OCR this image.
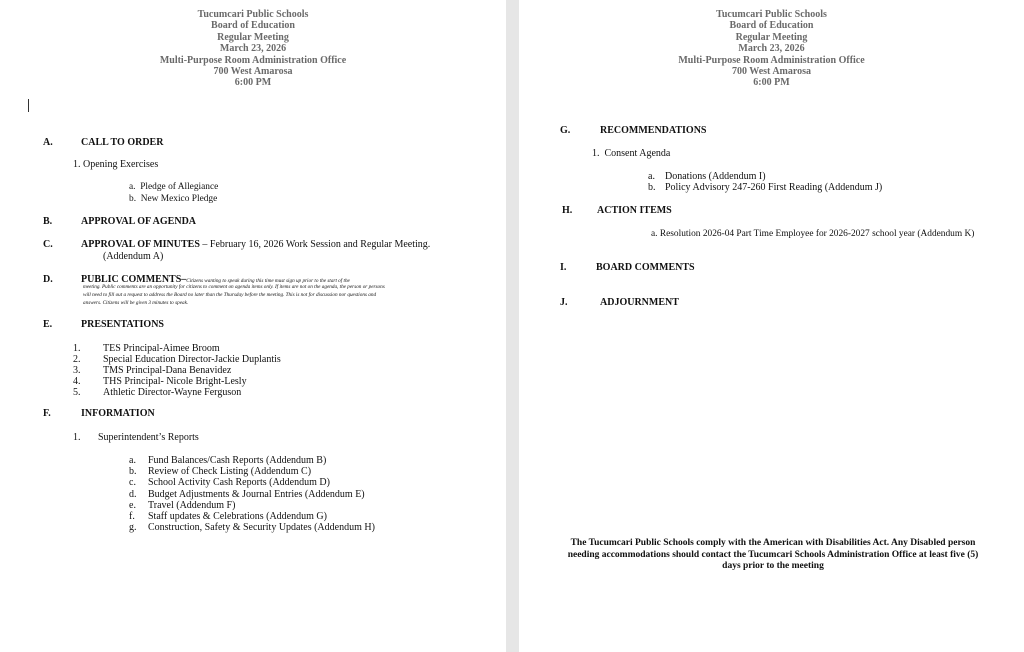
Tucumcari Public Schools
Board of Education
Regular Meeting
March 23, 2026
Multi-Purpose Room Administration Office
700 West Amarosa
6:00 PM
A.	CALL TO ORDER
1. Opening Exercises
a. Pledge of Allegiance
b. New Mexico Pledge
B.	APPROVAL OF AGENDA
C.	APPROVAL OF MINUTES – February 16, 2026 Work Session and Regular Meeting.
(Addendum A)
D.	PUBLIC COMMENTS–Citizens wanting to speak during this time must sign up prior to the start of the
meeting. Public comments are an opportunity for citizens to comment on agenda items only. If items are not on the agenda, the person or persons
will need to fill out a request to address the Board no later than the Thursday before the meeting. This is not for discussion nor questions and
answers. Citizens will be given 3 minutes to speak.
E.	PRESENTATIONS
1. TES Principal-Aimee Broom
2. Special Education Director-Jackie Duplantis
3. TMS Principal-Dana Benavidez
4. THS Principal- Nicole Bright-Lesly
5. Athletic Director-Wayne Ferguson
F.	INFORMATION
1. Superintendent’s Reports
a. Fund Balances/Cash Reports (Addendum B)
b. Review of Check Listing (Addendum C)
c. School Activity Cash Reports (Addendum D)
d. Budget Adjustments & Journal Entries (Addendum E)
e. Travel (Addendum F)
f. Staff updates & Celebrations (Addendum G)
g. Construction, Safety & Security Updates (Addendum H)
Tucumcari Public Schools
Board of Education
Regular Meeting
March 23, 2026
Multi-Purpose Room Administration Office
700 West Amarosa
6:00 PM
G.	RECOMMENDATIONS
1. Consent Agenda
a. Donations (Addendum I)
b. Policy Advisory 247-260 First Reading (Addendum J)
H. ACTION ITEMS
a. Resolution 2026-04 Part Time Employee for 2026-2027 school year (Addendum K)
I.	BOARD COMMENTS
J.	ADJOURNMENT
The Tucumcari Public Schools comply with the American with Disabilities Act. Any Disabled person
needing accommodations should contact the Tucumcari Schools Administration Office at least five (5)
days prior to the meeting
